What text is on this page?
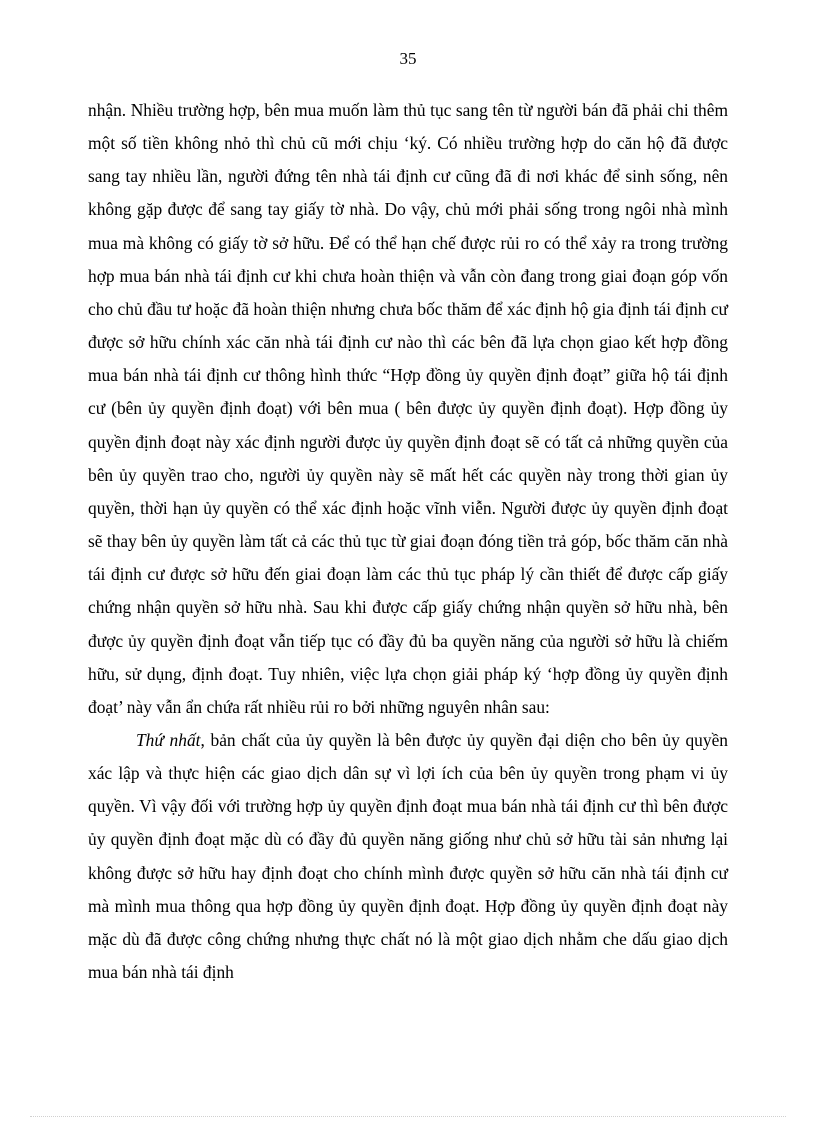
35

nhận. Nhiều trường hợp, bên mua muốn làm thủ tục sang tên từ người bán đã phải chi thêm một số tiền không nhỏ thì chủ cũ mới chịu ‘ký. Có nhiều trường hợp do căn hộ đã được sang tay nhiều lần, người đứng tên nhà tái định cư cũng đã đi nơi khác để sinh sống, nên không gặp được để sang tay giấy tờ nhà. Do vậy, chủ mới phải sống trong ngôi nhà mình mua mà không có giấy tờ sở hữu. Để có thể hạn chế được rủi ro có thể xảy ra trong trường hợp mua bán nhà tái định cư khi chưa hoàn thiện và vẫn còn đang trong giai đoạn góp vốn cho chủ đầu tư hoặc đã hoàn thiện nhưng chưa bốc thăm để xác định hộ gia định tái định cư được sở hữu chính xác căn nhà tái định cư nào thì các bên đã lựa chọn giao kết hợp đồng mua bán nhà tái định cư thông hình thức “Hợp đồng ủy quyền định đoạt” giữa hộ tái định cư (bên ủy quyền định đoạt) với bên mua ( bên được ủy quyền định đoạt). Hợp đồng ủy quyền định đoạt này xác định người được ủy quyền định đoạt sẽ có tất cả những quyền của bên ủy quyền trao cho, người ủy quyền này sẽ mất hết các quyền này trong thời gian ủy quyền, thời hạn ủy quyền có thể xác định hoặc vĩnh viễn. Người được ủy quyền định đoạt sẽ thay bên ủy quyền làm tất cả các thủ tục từ giai đoạn đóng tiền trả góp, bốc thăm căn nhà tái định cư được sở hữu đến giai đoạn làm các thủ tục pháp lý cần thiết để được cấp giấy chứng nhận quyền sở hữu nhà. Sau khi được cấp giấy chứng nhận quyền sở hữu nhà, bên được ủy quyền định đoạt vẫn tiếp tục có đầy đủ ba quyền năng của người sở hữu là chiếm hữu, sử dụng, định đoạt. Tuy nhiên, việc lựa chọn giải pháp ký ‘hợp đồng ủy quyền định đoạt’ này vẫn ẩn chứa rất nhiều rủi ro bởi những nguyên nhân sau:

Thứ nhất, bản chất của ủy quyền là bên được ủy quyền đại diện cho bên ủy quyền xác lập và thực hiện các giao dịch dân sự vì lợi ích của bên ủy quyền trong phạm vi ủy quyền. Vì vậy đối với trường hợp ủy quyền định đoạt mua bán nhà tái định cư thì bên được ủy quyền định đoạt mặc dù có đầy đủ quyền năng giống như chủ sở hữu tài sản nhưng lại không được sở hữu hay định đoạt cho chính mình được quyền sở hữu căn nhà tái định cư mà mình mua thông qua hợp đồng ủy quyền định đoạt. Hợp đồng ủy quyền định đoạt này mặc dù đã được công chứng nhưng thực chất nó là một giao dịch nhằm che dấu giao dịch mua bán nhà tái định
